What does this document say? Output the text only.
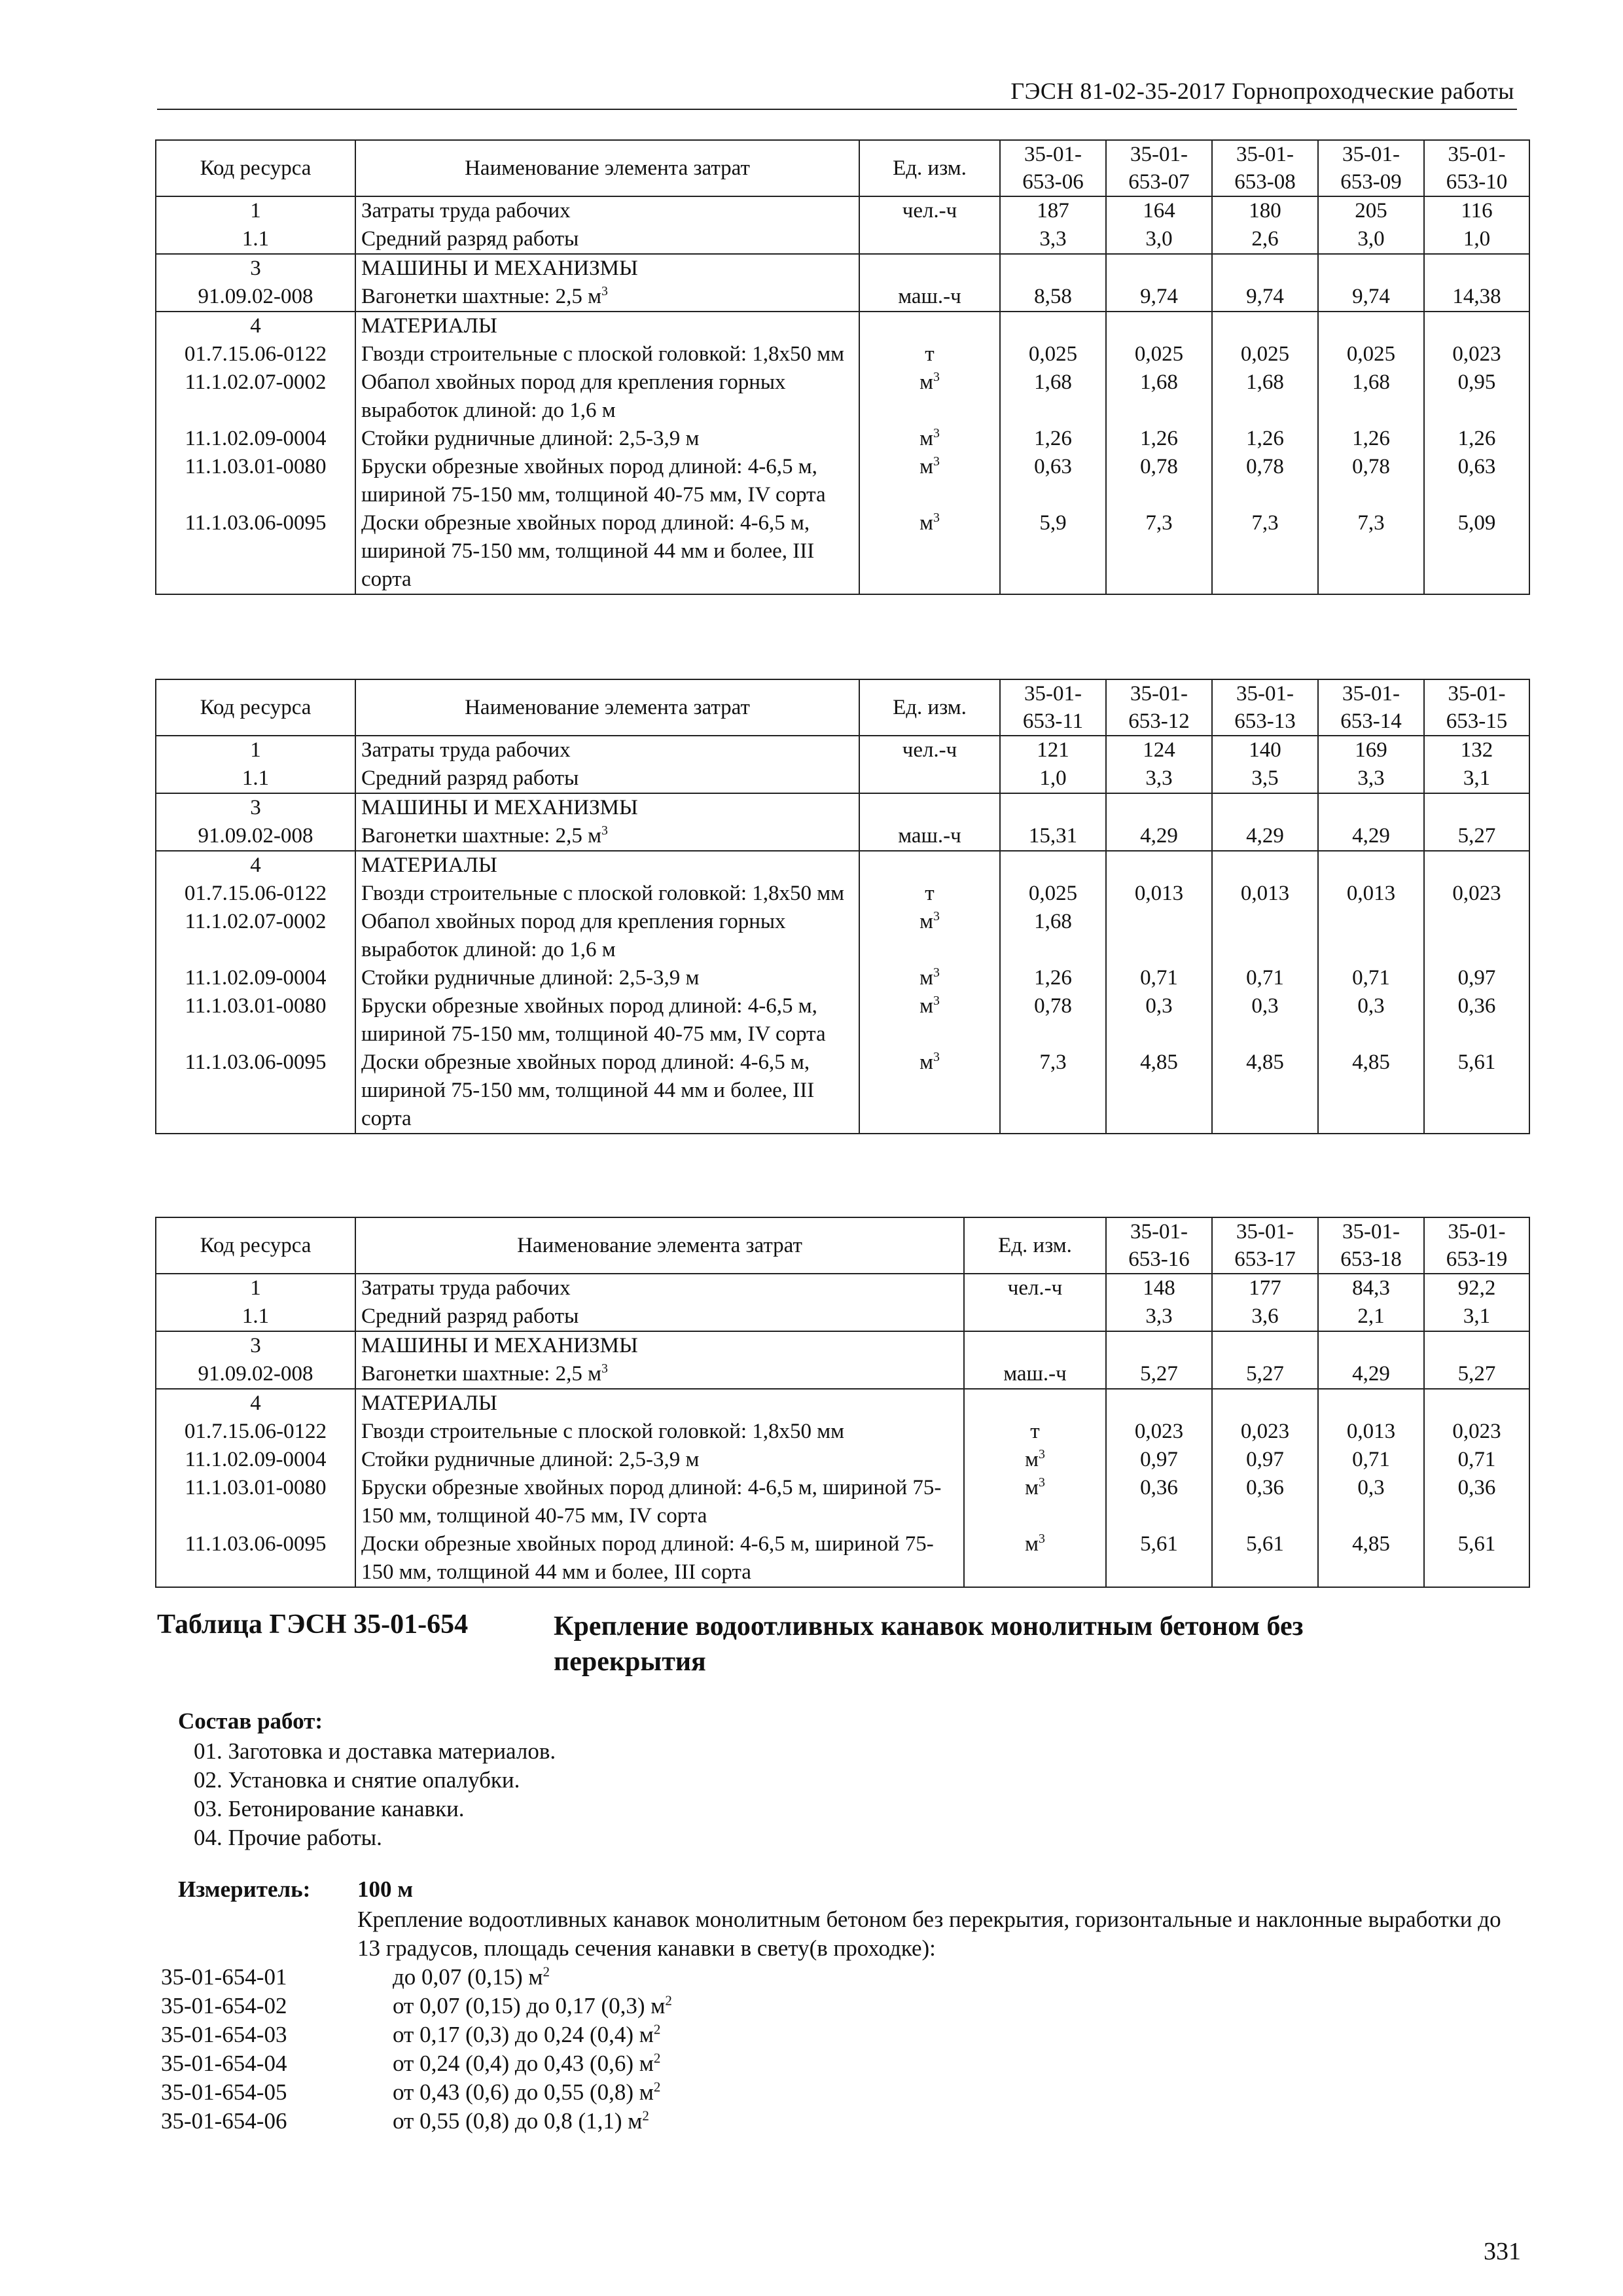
ГЭСН 81-02-35-2017 Горнопроходческие работы
Код ресурса	Наименование элемента затрат	Ед. изм.	35-01-653-06	35-01-653-07	35-01-653-08	35-01-653-09	35-01-653-10
1	Затраты труда рабочих	чел.-ч	187	164	180	205	116
1.1	Средний разряд работы		3,3	3,0	2,6	3,0	1,0
3	МАШИНЫ И МЕХАНИЗМЫ						
91.09.02-008	Вагонетки шахтные: 2,5 $м^3$	маш.-ч	8,58	9,74	9,74	9,74	14,38
4	МАТЕРИАЛЫ						
01.7.15.06-0122	Гвозди строительные с плоской головкой: 1,8x50 мм	т	0,025	0,025	0,025	0,025	0,023
11.1.02.07-0002	Обапол хвойных пород для крепления горных выработок длиной: до 1,6 м	$м^3$	1,68	1,68	1,68	1,68	0,95
11.1.02.09-0004	Стойки рудничные длиной: 2,5-3,9 м	$м^3$	1,26	1,26	1,26	1,26	1,26
11.1.03.01-0080	Бруски обрезные хвойных пород длиной: 4-6,5 м, шириной 75-150 мм, толщиной 40-75 мм, IV сорта	$м^3$	0,63	0,78	0,78	0,78	0,63
11.1.03.06-0095	Доски обрезные хвойных пород длиной: 4-6,5 м, шириной 75-150 мм, толщиной 44 мм и более, III сорта	$м^3$	5,9	7,3	7,3	7,3	5,09
Код ресурса	Наименование элемента затрат	Ед. изм.	35-01-653-11	35-01-653-12	35-01-653-13	35-01-653-14	35-01-653-15
1	Затраты труда рабочих	чел.-ч	121	124	140	169	132
1.1	Средний разряд работы		1,0	3,3	3,5	3,3	3,1
3	МАШИНЫ И МЕХАНИЗМЫ						
91.09.02-008	Вагонетки шахтные: 2,5 $м^3$	маш.-ч	15,31	4,29	4,29	4,29	5,27
4	МАТЕРИАЛЫ						
01.7.15.06-0122	Гвозди строительные с плоской головкой: 1,8x50 мм	т	0,025	0,013	0,013	0,013	0,023
11.1.02.07-0002	Обапол хвойных пород для крепления горных выработок длиной: до 1,6 м	$м^3$	1,68				
11.1.02.09-0004	Стойки рудничные длиной: 2,5-3,9 м	$м^3$	1,26	0,71	0,71	0,71	0,97
11.1.03.01-0080	Бруски обрезные хвойных пород длиной: 4-6,5 м, шириной 75-150 мм, толщиной 40-75 мм, IV сорта	$м^3$	0,78	0,3	0,3	0,3	0,36
11.1.03.06-0095	Доски обрезные хвойных пород длиной: 4-6,5 м, шириной 75-150 мм, толщиной 44 мм и более, III сорта	$м^3$	7,3	4,85	4,85	4,85	5,61
Код ресурса	Наименование элемента затрат	Ед. изм.	35-01-653-16	35-01-653-17	35-01-653-18	35-01-653-19
1	Затраты труда рабочих	чел.-ч	148	177	84,3	92,2
1.1	Средний разряд работы		3,3	3,6	2,1	3,1
3	МАШИНЫ И МЕХАНИЗМЫ					
91.09.02-008	Вагонетки шахтные: 2,5 $м^3$	маш.-ч	5,27	5,27	4,29	5,27
4	МАТЕРИАЛЫ					
01.7.15.06-0122	Гвозди строительные с плоской головкой: 1,8x50 мм	т	0,023	0,023	0,013	0,023
11.1.02.09-0004	Стойки рудничные длиной: 2,5-3,9 м	$м^3$	0,97	0,97	0,71	0,71
11.1.03.01-0080	Бруски обрезные хвойных пород длиной: 4-6,5 м, шириной 75-150 мм, толщиной 40-75 мм, IV сорта	$м^3$	0,36	0,36	0,3	0,36
11.1.03.06-0095	Доски обрезные хвойных пород длиной: 4-6,5 м, шириной 75-150 мм, толщиной 44 мм и более, III сорта	$м^3$	5,61	5,61	4,85	5,61
Таблица ГЭСН 35-01-654	Крепление водоотливных канавок монолитным бетоном без перекрытия
Состав работ:
01. Заготовка и доставка материалов.
02. Установка и снятие опалубки.
03. Бетонирование канавки.
04. Прочие работы.
Измеритель: 100 м
Крепление водоотливных канавок монолитным бетоном без перекрытия, горизонтальные и наклонные выработки до 13 градусов, площадь сечения канавки в свету(в проходке):
35-01-654-01	до 0,07 (0,15) $м^2$
35-01-654-02	от 0,07 (0,15) до 0,17 (0,3) $м^2$
35-01-654-03	от 0,17 (0,3) до 0,24 (0,4) $м^2$
35-01-654-04	от 0,24 (0,4) до 0,43 (0,6) $м^2$
35-01-654-05	от 0,43 (0,6) до 0,55 (0,8) $м^2$
35-01-654-06	от 0,55 (0,8) до 0,8 (1,1) $м^2$
331
